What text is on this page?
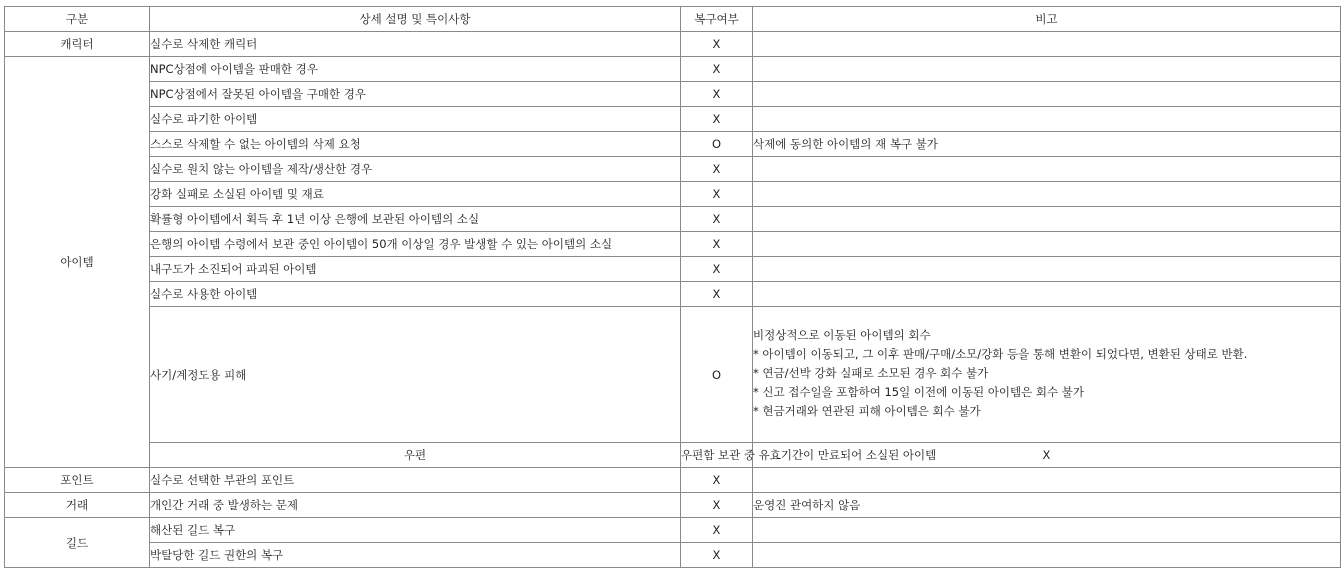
구분	상세 설명 및 특이사항	복구여부	비고	
캐릭터	실수로 삭제한 캐릭터	X		
아이템	NPC상점에 아이템을 판매한 경우	X		
	NPC상점에서 잘못된 아이템을 구매한 경우	X		
	실수로 파기한 아이템	X		
	스스로 삭제할 수 없는 아이템의 삭제 요청	O	삭제에 동의한 아이템의 재 복구 불가	
	실수로 원치 않는 아이템을 제작/생산한 경우	X		
	강화 실패로 소실된 아이템 및 재료	X		
	확률형 아이템에서 획득 후 1년 이상 은행에 보관된 아이템의 소실	X		
	은행의 아이템 수령에서 보관 중인 아이템이 50개 이상일 경우 발생할 수 있는 아이템의 소실	X		
	내구도가 소진되어 파괴된 아이템	X		
	실수로 사용한 아이템	X		
	사기/계정도용 피해	O	비정상적으로 이동된 아이템의 회수
* 아이템이 이동되고, 그 이후 판매/구매/소모/강화 등을 통해 변환이 되었다면, 변환된 상태로 반환.
* 연금/선박 강화 실패로 소모된 경우 회수 불가
* 신고 접수일을 포함하여 15일 이전에 이동된 아이템은 회수 불가
* 현금거래와 연관된 피해 아이템은 회수 불가	

	우편	우편함 보관 중 유효기간이 만료되어 소실된 아이템	X	
포인트	실수로 선택한 부관의 포인트	X		
거래	개인간 거래 중 발생하는 문제	X	운영진 관여하지 않음	
길드	해산된 길드 복구	X		
	박탈당한 길드 권한의 복구	X		
